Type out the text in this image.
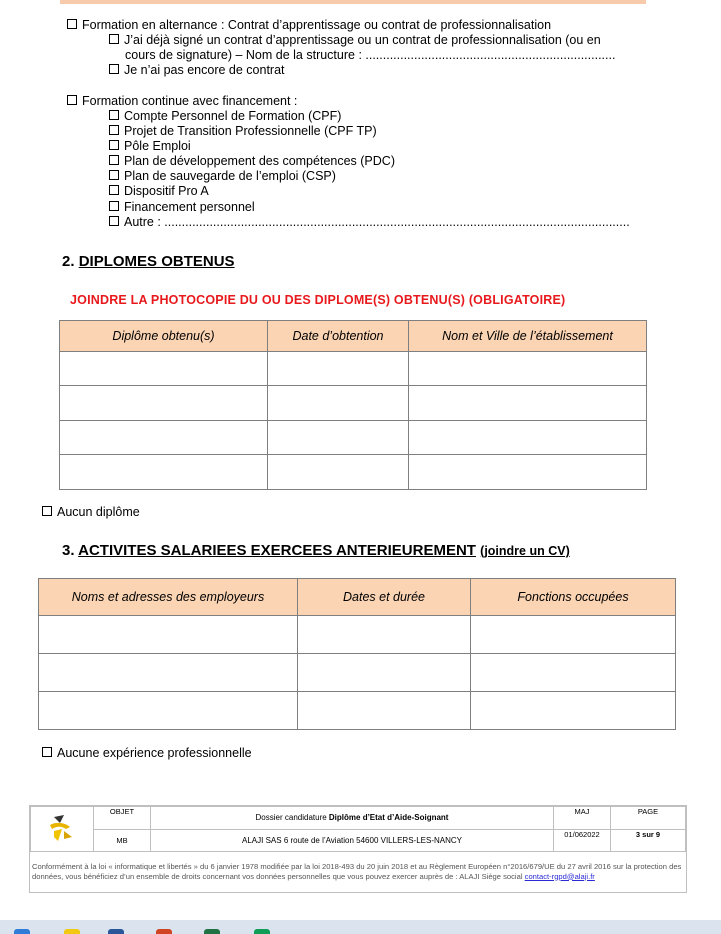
Formation en alternance : Contrat d’apprentissage ou contrat de professionnalisation
J’ai déjà signé un contrat d’apprentissage ou un contrat de professionnalisation (ou en
cours de signature) – Nom de la structure : ........................................................................
Je n’ai pas encore de contrat
Formation continue avec financement :
Compte Personnel de Formation (CPF)
Projet de Transition Professionnelle (CPF TP)
Pôle Emploi
Plan de développement des compétences (PDC)
Plan de sauvegarde de l’emploi (CSP)
Dispositif Pro A
Financement personnel
Autre : ......................................................................................................................................
2. DIPLOMES OBTENUS
JOINDRE LA PHOTOCOPIE DU OU DES DIPLOME(S) OBTENU(S) (OBLIGATOIRE)
Diplôme obtenu(s)	Date d’obtention	Nom et Ville de l’établissement

Aucun diplôme
3. ACTIVITES SALARIEES EXERCEES ANTERIEUREMENT (joindre un CV)
Noms et adresses des employeurs	Dates et durée	Fonctions occupées

Aucune expérience professionnelle
	OBJET	Dossier candidature Diplôme d’Etat d’Aide-Soignant	MAJ	PAGE
	MB	ALAJI SAS 6 route de l’Aviation 54600 VILLERS-LES-NANCY	01/062022	3 sur 9
Conformément à la loi « informatique et libertés » du 6 janvier 1978 modifiée par la loi 2018-493 du 20 juin 2018 et au Règlement Européen n°2016/679/UE du 27 avril 2016 sur la protection des données, vous bénéficiez d’un ensemble de droits concernant vos données personnelles que vous pouvez exercer auprès de : ALAJI Siège social contact-rgpd@alaji.fr
